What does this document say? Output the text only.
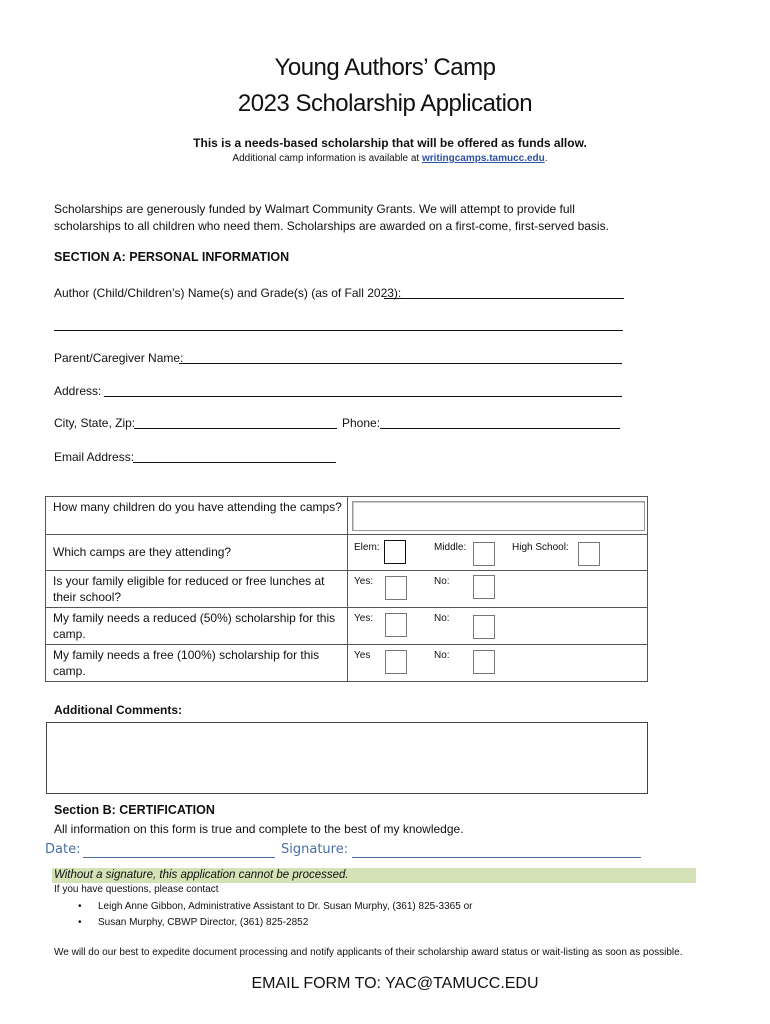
Young Authors’ Camp
2023 Scholarship Application
This is a needs-based scholarship that will be offered as funds allow.
Additional camp information is available at writingcamps.tamucc.edu.
Scholarships are generously funded by Walmart Community Grants. We will attempt to provide full scholarships to all children who need them. Scholarships are awarded on a first-come, first-served basis.
SECTION A: PERSONAL INFORMATION
Author (Child/Children’s) Name(s) and Grade(s) (as of Fall 2023):
Parent/Caregiver Name:
Address:
City, State, Zip:	Phone:
Email Address:
How many children do you have attending the camps?	

Which camps are they attending?	Elem: Middle: High School:

Is your family eligible for reduced or free lunches at their school?	Yes: No:

My family needs a reduced (50%) scholarship for this camp.	Yes: No:

My family needs a free (100%) scholarship for this camp.	Yes No:
Additional Comments:
Section B: CERTIFICATION
All information on this form is true and complete to the best of my knowledge.
Date:	Signature:
Without a signature, this application cannot be processed.
If you have questions, please contact
• Leigh Anne Gibbon, Administrative Assistant to Dr. Susan Murphy, (361) 825-3365 or
• Susan Murphy, CBWP Director, (361) 825-2852
We will do our best to expedite document processing and notify applicants of their scholarship award status or wait-listing as soon as possible.
EMAIL FORM TO: YAC@TAMUCC.EDU
